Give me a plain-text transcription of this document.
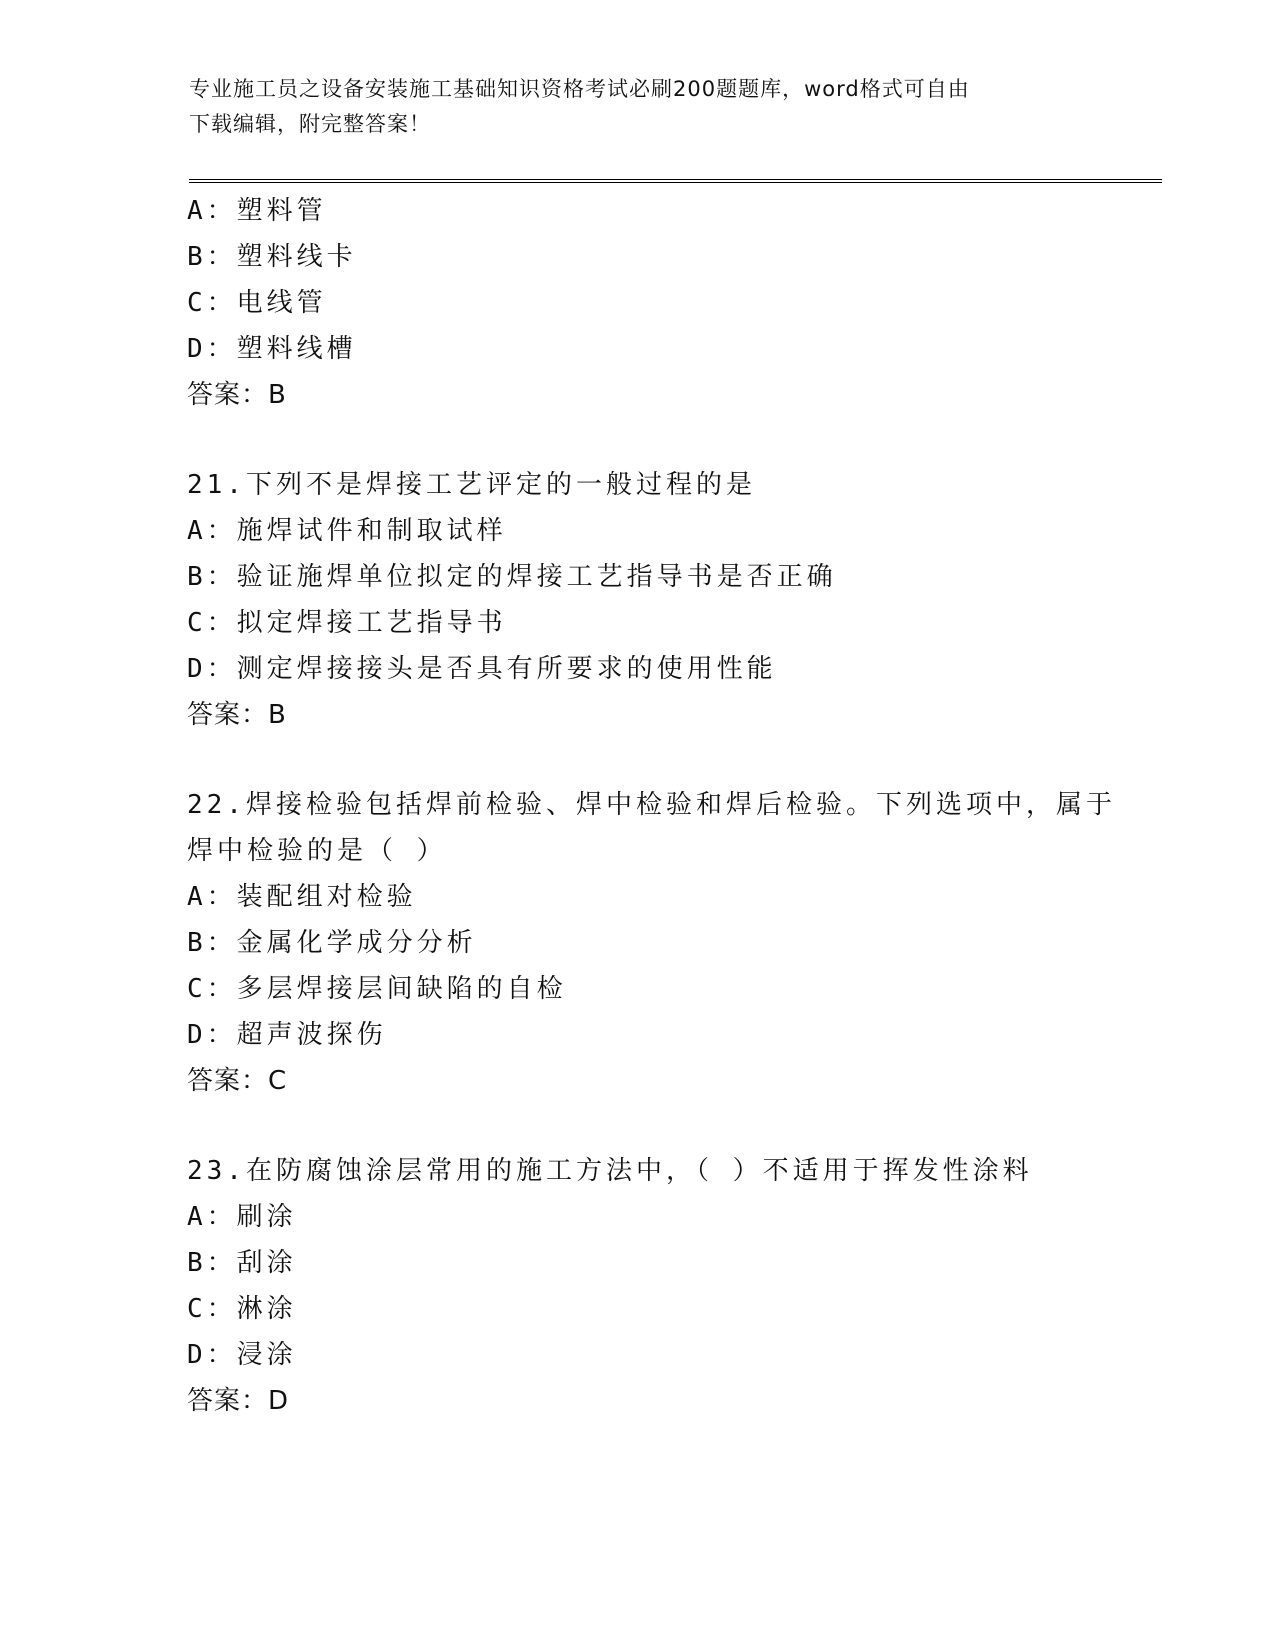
专业施工员之设备安装施工基础知识资格考试必刷200题题库，word格式可自由
下载编辑，附完整答案！
A：塑料管
B：塑料线卡
C：电线管
D：塑料线槽
答案：B
21.下列不是焊接工艺评定的一般过程的是
A：施焊试件和制取试样
B：验证施焊单位拟定的焊接工艺指导书是否正确
C：拟定焊接工艺指导书
D：测定焊接接头是否具有所要求的使用性能
答案：B
22.焊接检验包括焊前检验、焊中检验和焊后检验。下列选项中，属于
焊中检验的是（ ）
A：装配组对检验
B：金属化学成分分析
C：多层焊接层间缺陷的自检
D：超声波探伤
答案：C
23.在防腐蚀涂层常用的施工方法中，（ ）不适用于挥发性涂料
A：刷涂
B：刮涂
C：淋涂
D：浸涂
答案：D
